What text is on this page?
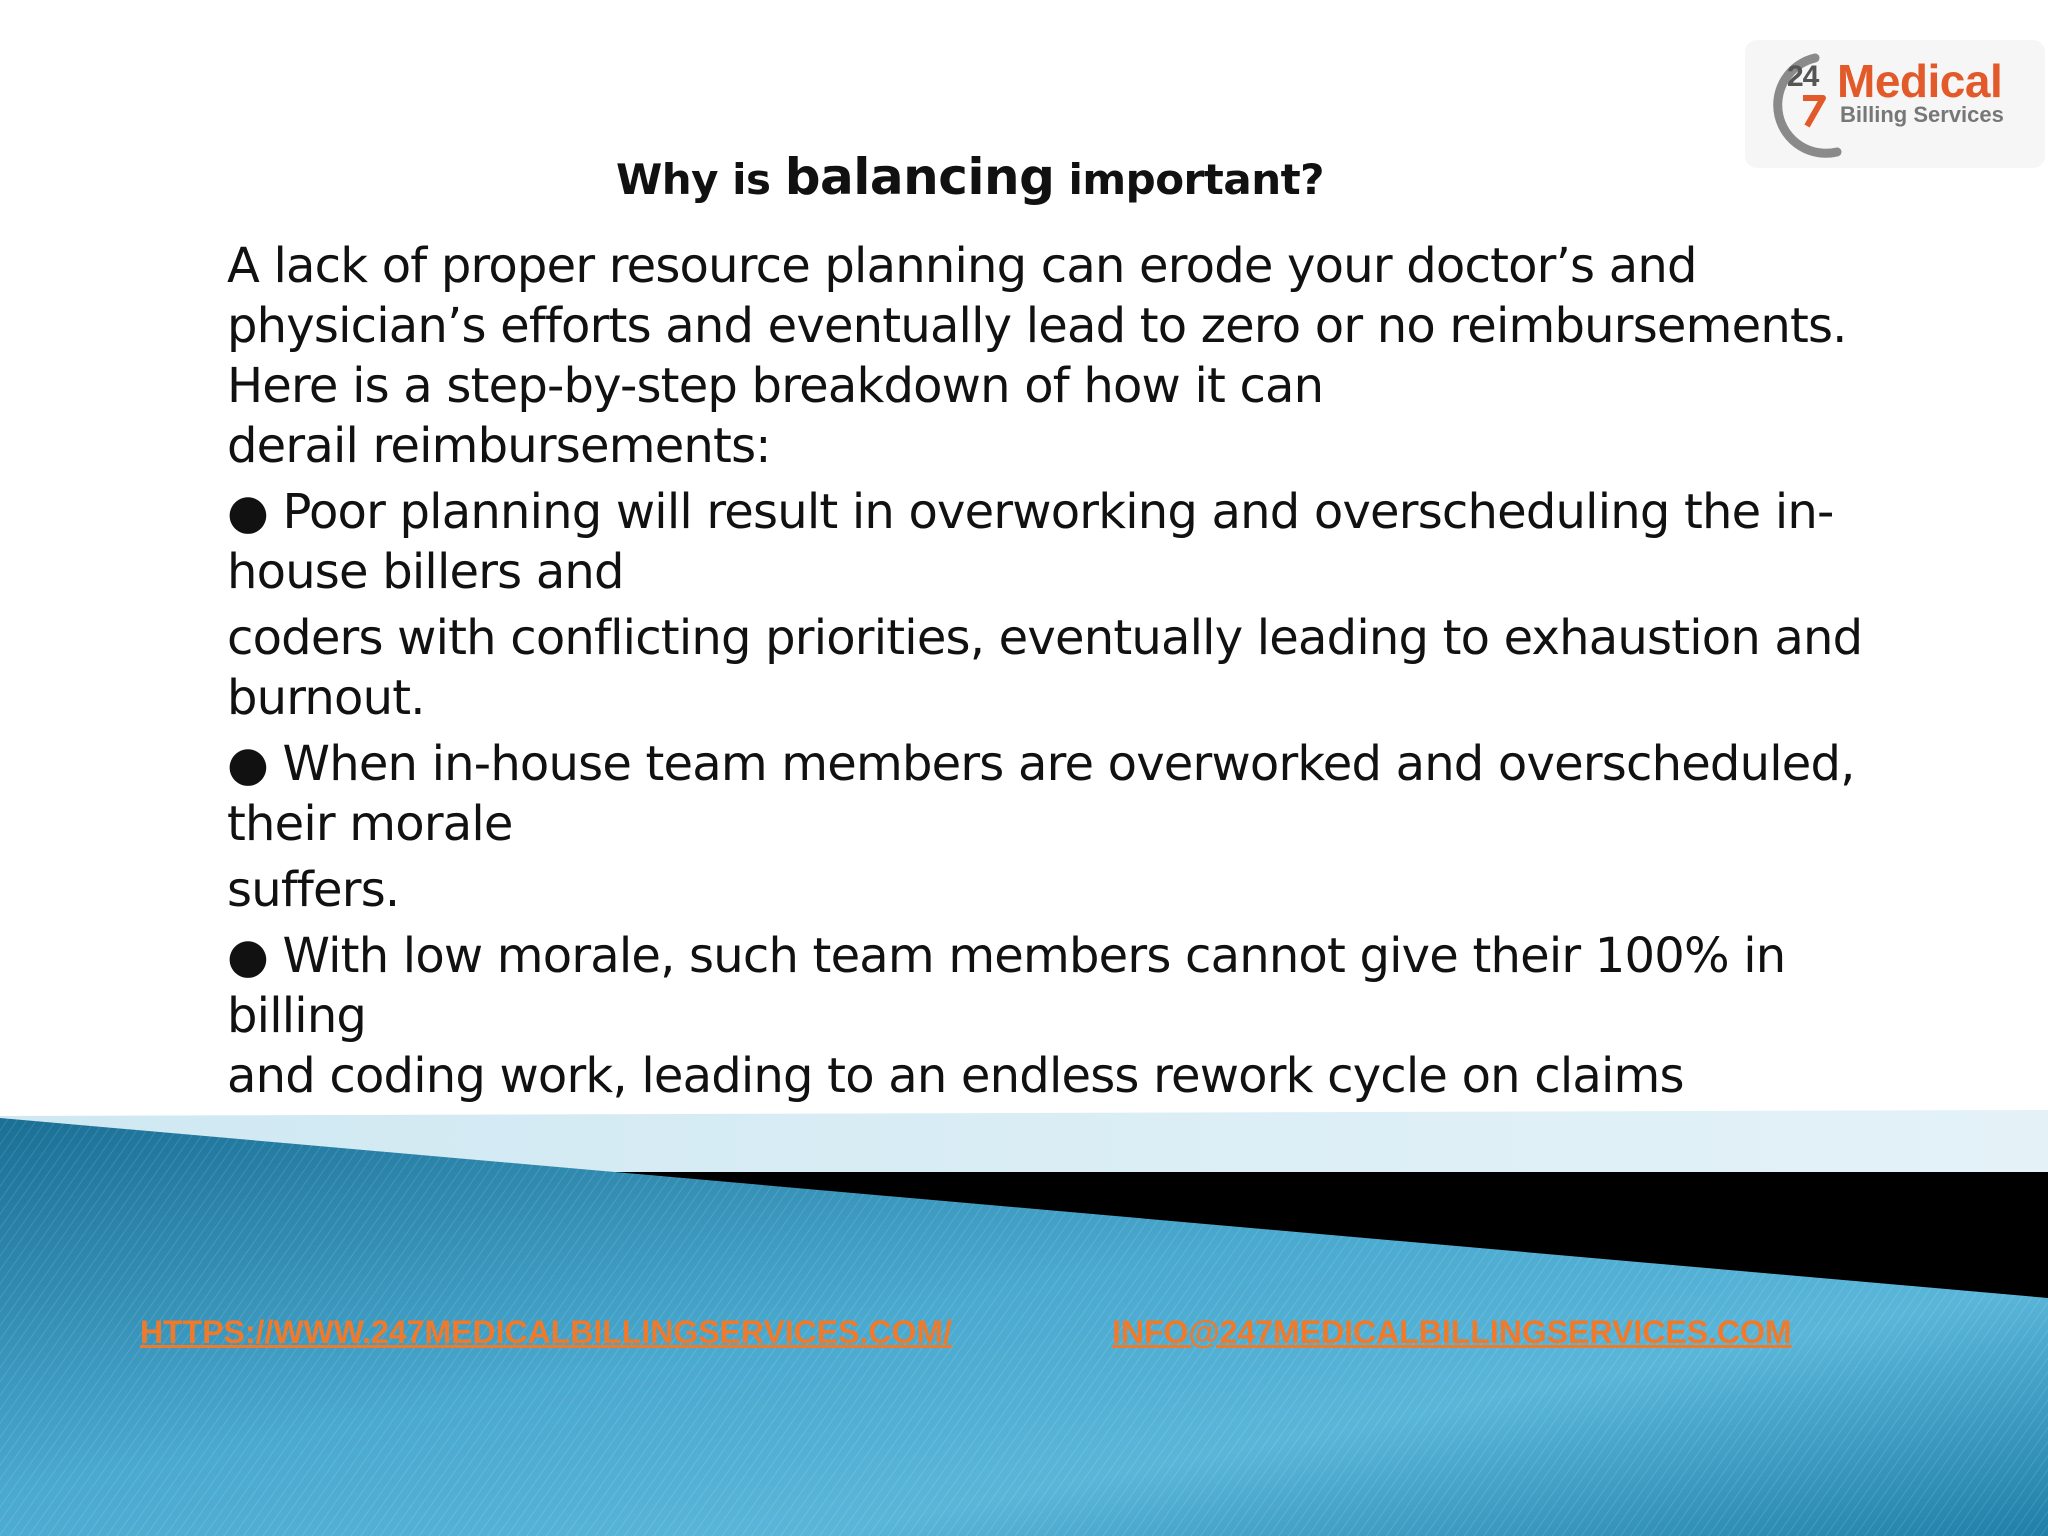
Why is balancing important?

A lack of proper resource planning can erode your doctor’s and

physician’s efforts and eventually lead to zero or no reimbursements.

Here is a step-by-step breakdown of how it can

derail reimbursements:

● Poor planning will result in overworking and overscheduling the in-

house billers and

coders with conflicting priorities, eventually leading to exhaustion and

burnout.

● When in-house team members are overworked and overscheduled,

their morale

suffers.

● With low morale, such team members cannot give their 100% in billing

and coding work, leading to an endless rework cycle on claims

HTTPS://WWW.247MEDICALBILLINGSERVICES.COM/	INFO@247MEDICALBILLINGSERVICES.COM
24 Medical
Billing Services
